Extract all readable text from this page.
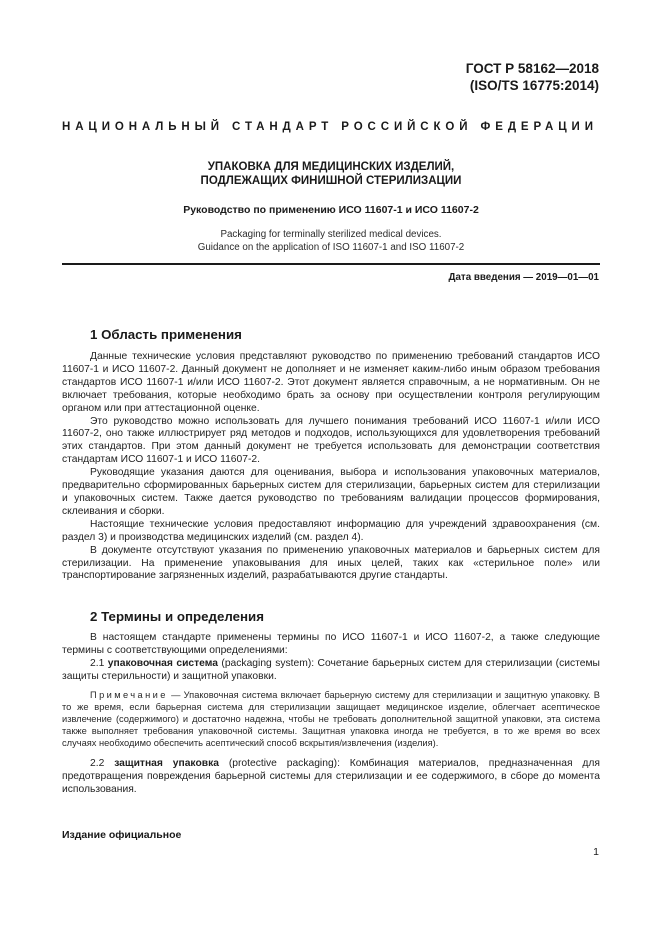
ГОСТ Р 58162—2018
(ISO/TS 16775:2014)
НАЦИОНАЛЬНЫЙ СТАНДАРТ РОССИЙСКОЙ ФЕДЕРАЦИИ
УПАКОВКА ДЛЯ МЕДИЦИНСКИХ ИЗДЕЛИЙ,
ПОДЛЕЖАЩИХ ФИНИШНОЙ СТЕРИЛИЗАЦИИ
Руководство по применению ИСО 11607-1 и ИСО 11607-2
Packaging for terminally sterilized medical devices.
Guidance on the application of ISO 11607-1 and ISO 11607-2
Дата введения — 2019—01—01
1 Область применения

Данные технические условия представляют руководство по применению требований стандартов ИСО 11607-1 и ИСО 11607-2. Данный документ не дополняет и не изменяет каким-либо иным образом требования стандартов ИСО 11607-1 и/или ИСО 11607-2. Этот документ является справочным, а не нормативным. Он не включает требования, которые необходимо брать за основу при осуществлении контроля регулирующим органом или при аттестационной оценке.

Это руководство можно использовать для лучшего понимания требований ИСО 11607-1 и/или ИСО 11607-2, оно также иллюстрирует ряд методов и подходов, использующихся для удовлетворения требований этих стандартов. При этом данный документ не требуется использовать для демонстрации соответствия стандартам ИСО 11607-1 и ИСО 11607-2.

Руководящие указания даются для оценивания, выбора и использования упаковочных материалов, предварительно сформированных барьерных систем для стерилизации, барьерных систем для стерилизации и упаковочных систем. Также дается руководство по требованиям валидации процессов формирования, склеивания и сборки.

Настоящие технические условия предоставляют информацию для учреждений здравоохранения (см. раздел 3) и производства медицинских изделий (см. раздел 4).

В документе отсутствуют указания по применению упаковочных материалов и барьерных систем для стерилизации. На применение упаковывания для иных целей, таких как «стерильное поле» или транспортирование загрязненных изделий, разрабатываются другие стандарты.

2 Термины и определения

В настоящем стандарте применены термины по ИСО 11607-1 и ИСО 11607-2, а также следующие термины с соответствующими определениями:

2.1 упаковочная система (packaging system): Сочетание барьерных систем для стерилизации (системы защиты стерильности) и защитной упаковки.

Примечание — Упаковочная система включает барьерную систему для стерилизации и защитную упаковку. В то же время, если барьерная система для стерилизации защищает медицинское изделие, облегчает асептическое извлечение (содержимого) и достаточно надежна, чтобы не требовать дополнительной защитной упаковки, эта система также выполняет требования упаковочной системы. Защитная упаковка иногда не требуется, в то же время во всех случаях необходимо обеспечить асептический способ вскрытия/извлечения (изделия).

2.2 защитная упаковка (protective packaging): Комбинация материалов, предназначенная для предотвращения повреждения барьерной системы для стерилизации и ее содержимого, в сборе до момента использования.

Издание официальное
1
